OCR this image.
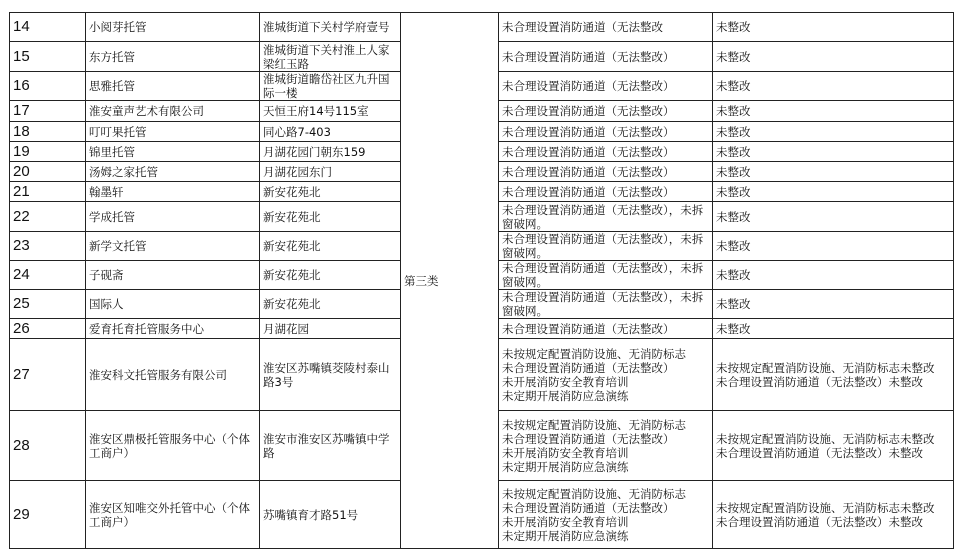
14	小阅芽托管	淮城街道下关村学府壹号	第三类	未合理设置消防通道（无法整改	未整改

15	东方托管	淮城街道下关村淮上人家梁红玉路		未合理设置消防通道（无法整改）	未整改

16	思雅托管	淮城街道瞻岱社区九升国际一楼		未合理设置消防通道（无法整改）	未整改

17	淮安童声艺术有限公司	天恒王府14号115室		未合理设置消防通道（无法整改）	未整改

18	叮叮果托管	同心路7-403		未合理设置消防通道（无法整改）	未整改

19	锦里托管	月湖花园门朝东159		未合理设置消防通道（无法整改）	未整改

20	汤姆之家托管	月湖花园东门		未合理设置消防通道（无法整改）	未整改

21	翰墨轩	新安花苑北		未合理设置消防通道（无法整改）	未整改

22	学成托管	新安花苑北		未合理设置消防通道（无法整改），未拆窗破网。	未整改

23	新学文托管	新安花苑北		未合理设置消防通道（无法整改），未拆窗破网。	未整改

24	子砚斋	新安花苑北		未合理设置消防通道（无法整改），未拆窗破网。	未整改

25	国际人	新安花苑北		未合理设置消防通道（无法整改），未拆窗破网。	未整改

26	爱育托育托管服务中心	月湖花园		未合理设置消防通道（无法整改）	未整改

27	淮安科文托管服务有限公司	淮安区苏嘴镇茭陵村泰山路3号		未按规定配置消防设施、无消防标志
未合理设置消防通道（无法整改）
未开展消防安全教育培训
未定期开展消防应急演练	未按规定配置消防设施、无消防标志未整改
未合理设置消防通道（无法整改）未整改

28	淮安区鼎极托管服务中心（个体工商户）	淮安市淮安区苏嘴镇中学路		未按规定配置消防设施、无消防标志
未合理设置消防通道（无法整改）
未开展消防安全教育培训
未定期开展消防应急演练	未按规定配置消防设施、无消防标志未整改
未合理设置消防通道（无法整改）未整改

29	淮安区知唯交外托管中心（个体工商户）	苏嘴镇育才路51号		未按规定配置消防设施、无消防标志
未合理设置消防通道（无法整改）
未开展消防安全教育培训
未定期开展消防应急演练	未按规定配置消防设施、无消防标志未整改
未合理设置消防通道（无法整改）未整改
